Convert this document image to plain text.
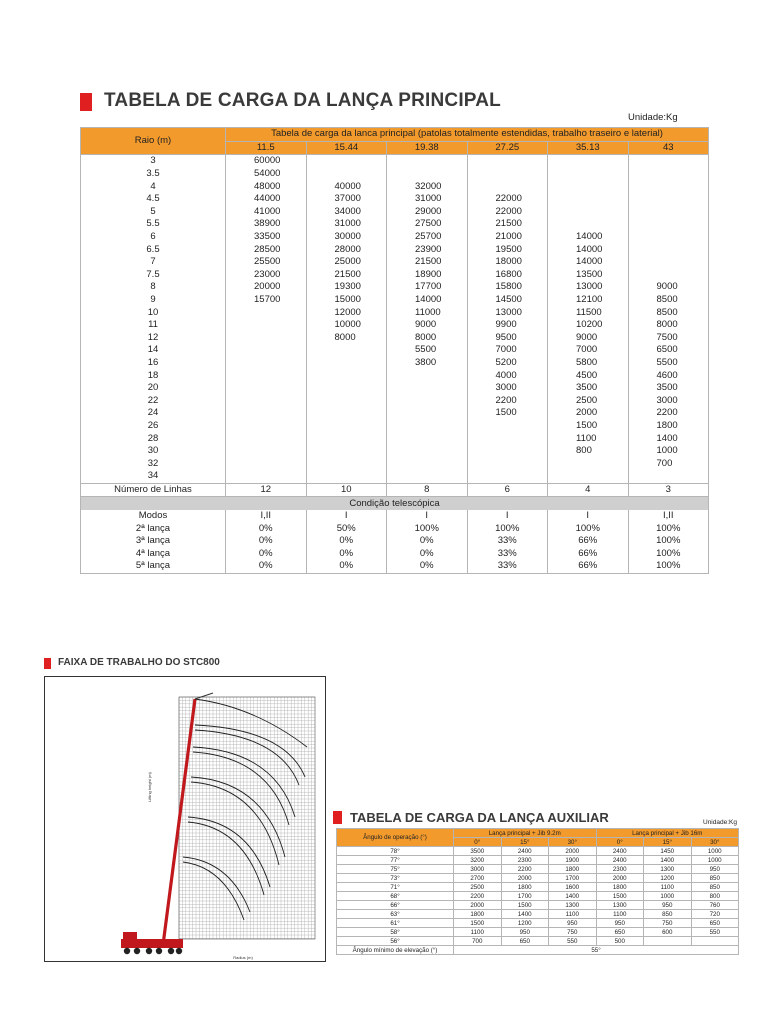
TABELA DE CARGA DA LANÇA PRINCIPAL
Unidade:Kg
Raio (m)	Tabela de carga da lanca principal (patolas totalmente estendidas, trabalho traseiro e laterial)					
	11.5	15.44	19.38	27.25	35.13	43
3	60000					
3.5	54000					
4	48000	40000	32000			
4.5	44000	37000	31000	22000		
5	41000	34000	29000	22000		
5.5	38900	31000	27500	21500		
6	33500	30000	25700	21000	14000	
6.5	28500	28000	23900	19500	14000	
7	25500	25000	21500	18000	14000	
7.5	23000	21500	18900	16800	13500	
8	20000	19300	17700	15800	13000	9000
9	15700	15000	14000	14500	12100	8500
10		12000	11000	13000	11500	8500
11		10000	9000	9900	10200	8000
12		8000	8000	9500	9000	7500
14			5500	7000	7000	6500
16			3800	5200	5800	5500
18				4000	4500	4600
20				3000	3500	3500
22				2200	2500	3000
24				1500	2000	2200
26					1500	1800
28					1100	1400
30					800	1000
32						700
34						
Número de Linhas	12	10	8	6	4	3
Condição telescópica						
Modos	I,II	I	I	I	I	I,II
2ª lança	0%	50%	100%	100%	100%	100%
3ª lança	0%	0%	0%	33%	66%	100%
4ª lança	0%	0%	0%	33%	66%	100%
5ª lança	0%	0%	0%	33%	66%	100%
FAIXA DE TRABALHO DO STC800
Radius (m)
Lifting height (m)
TABELA DE CARGA DA LANÇA AUXILIAR	Unidade:Kg
Ângulo de operação (°)	Lança principal + Jib 9.2m			Lança principal + Jib 16m		
	0°	15°	30°	0°	15°	30°
78°	3500	2400	2000	2400	1450	1000
77°	3200	2300	1900	2400	1400	1000
75°	3000	2200	1800	2300	1300	950
73°	2700	2000	1700	2000	1200	850
71°	2500	1800	1600	1800	1100	850
68°	2200	1700	1400	1500	1000	800
66°	2000	1500	1300	1300	950	760
63°	1800	1400	1100	1100	850	720
61°	1500	1200	950	950	750	650
58°	1100	950	750	650	600	550
56°	700	650	550	500		
Ângulo mínimo de elevação (°)	55°					
